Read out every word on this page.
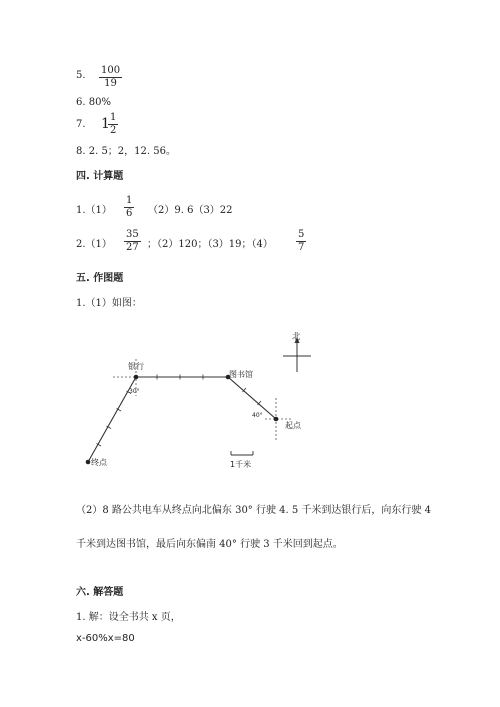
5. 100
19
6. 80%
7. 1 1
2
8. 2. 5；2，12. 56。
四. 计算题
1.（1）
1
6 （2）9. 6（3）22
2.（1）
35
27 ；（2）120；（3）19；（4）
5
7
五. 作图题
1.（1）如图：
北
银行
30°
图书馆
40°
起点
终点	1千米
（2）8 路公共电车从终点向北偏东 30° 行驶 4. 5 千米到达银行后，向东行驶 4
千米到达图书馆，最后向东偏南 40° 行驶 3 千米回到起点。
六. 解答题
1. 解：设全书共 x 页，
x-60%x=80
